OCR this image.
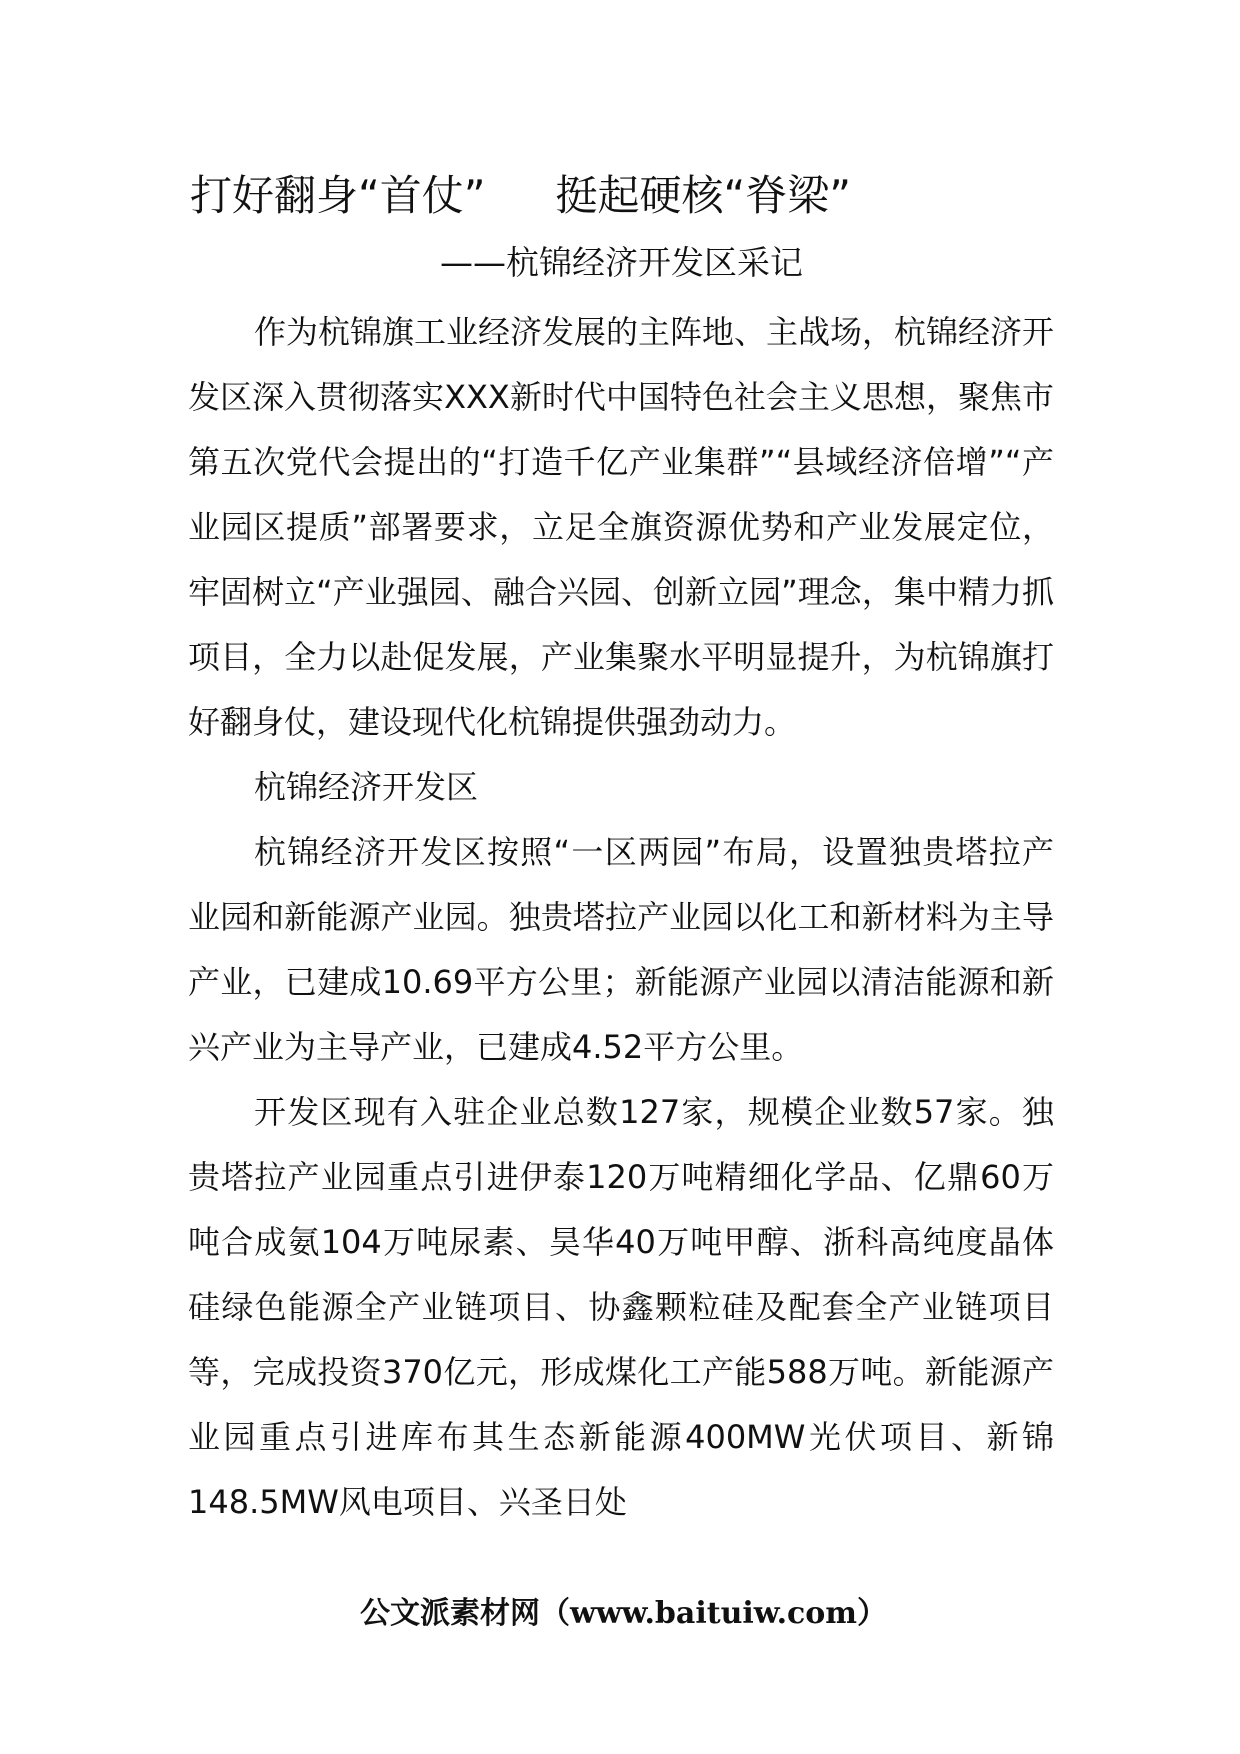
打好翻身“首仗” 挺起硬核“脊梁”
——杭锦经济开发区采记

作为杭锦旗工业经济发展的主阵地、主战场，杭锦经济开发区深入贯彻落实XXX新时代中国特色社会主义思想，聚焦市第五次党代会提出的“打造千亿产业集群”“县域经济倍增”“产业园区提质”部署要求，立足全旗资源优势和产业发展定位，牢固树立“产业强园、融合兴园、创新立园”理念，集中精力抓项目，全力以赴促发展，产业集聚水平明显提升，为杭锦旗打好翻身仗，建设现代化杭锦提供强劲动力。

杭锦经济开发区

杭锦经济开发区按照“一区两园”布局，设置独贵塔拉产业园和新能源产业园。独贵塔拉产业园以化工和新材料为主导产业，已建成10.69平方公里；新能源产业园以清洁能源和新兴产业为主导产业，已建成4.52平方公里。

开发区现有入驻企业总数127家，规模企业数57家。独贵塔拉产业园重点引进伊泰120万吨精细化学品、亿鼎60万吨合成氨104万吨尿素、昊华40万吨甲醇、浙科高纯度晶体硅绿色能源全产业链项目、协鑫颗粒硅及配套全产业链项目等，完成投资370亿元，形成煤化工产能588万吨。新能源产业园重点引进库布其生态新能源400MW光伏项目、新锦148.5MW风电项目、兴圣日处

公文派素材网（www.baituiw.com）
